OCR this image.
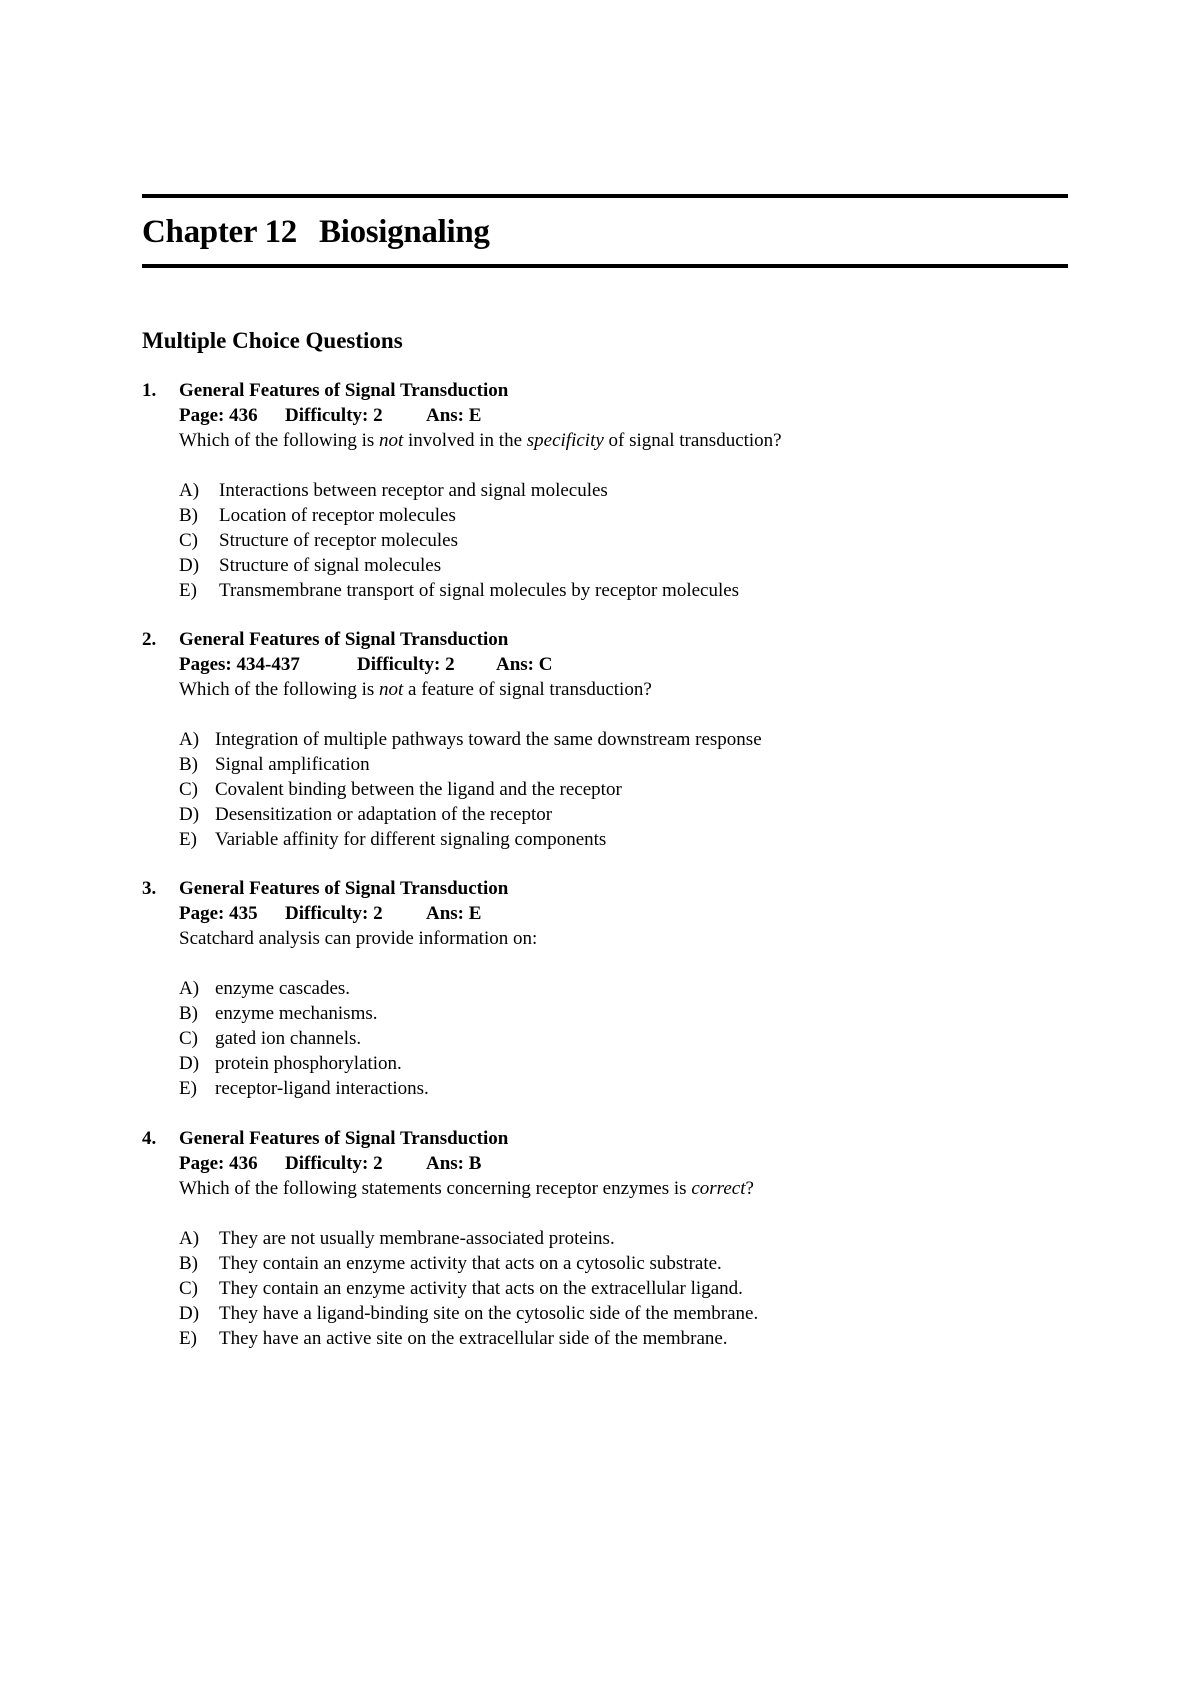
Chapter 12 Biosignaling
Multiple Choice Questions
1. General Features of Signal Transduction
Page: 436 Difficulty: 2 Ans: E
Which of the following is not involved in the specificity of signal transduction?
A) Interactions between receptor and signal molecules
B) Location of receptor molecules
C) Structure of receptor molecules
D) Structure of signal molecules
E) Transmembrane transport of signal molecules by receptor molecules
2. General Features of Signal Transduction
Pages: 434-437	Difficulty: 2 Ans: C
Which of the following is not a feature of signal transduction?
A) Integration of multiple pathways toward the same downstream response
B) Signal amplification
C) Covalent binding between the ligand and the receptor
D) Desensitization or adaptation of the receptor
E) Variable affinity for different signaling components
3. General Features of Signal Transduction
Page: 435 Difficulty: 2 Ans: E
Scatchard analysis can provide information on:
A) enzyme cascades.
B) enzyme mechanisms.
C) gated ion channels.
D) protein phosphorylation.
E) receptor-ligand interactions.
4. General Features of Signal Transduction
Page: 436 Difficulty: 2 Ans: B
Which of the following statements concerning receptor enzymes is correct?
A) They are not usually membrane-associated proteins.
B) They contain an enzyme activity that acts on a cytosolic substrate.
C) They contain an enzyme activity that acts on the extracellular ligand.
D) They have a ligand-binding site on the cytosolic side of the membrane.
E) They have an active site on the extracellular side of the membrane.
